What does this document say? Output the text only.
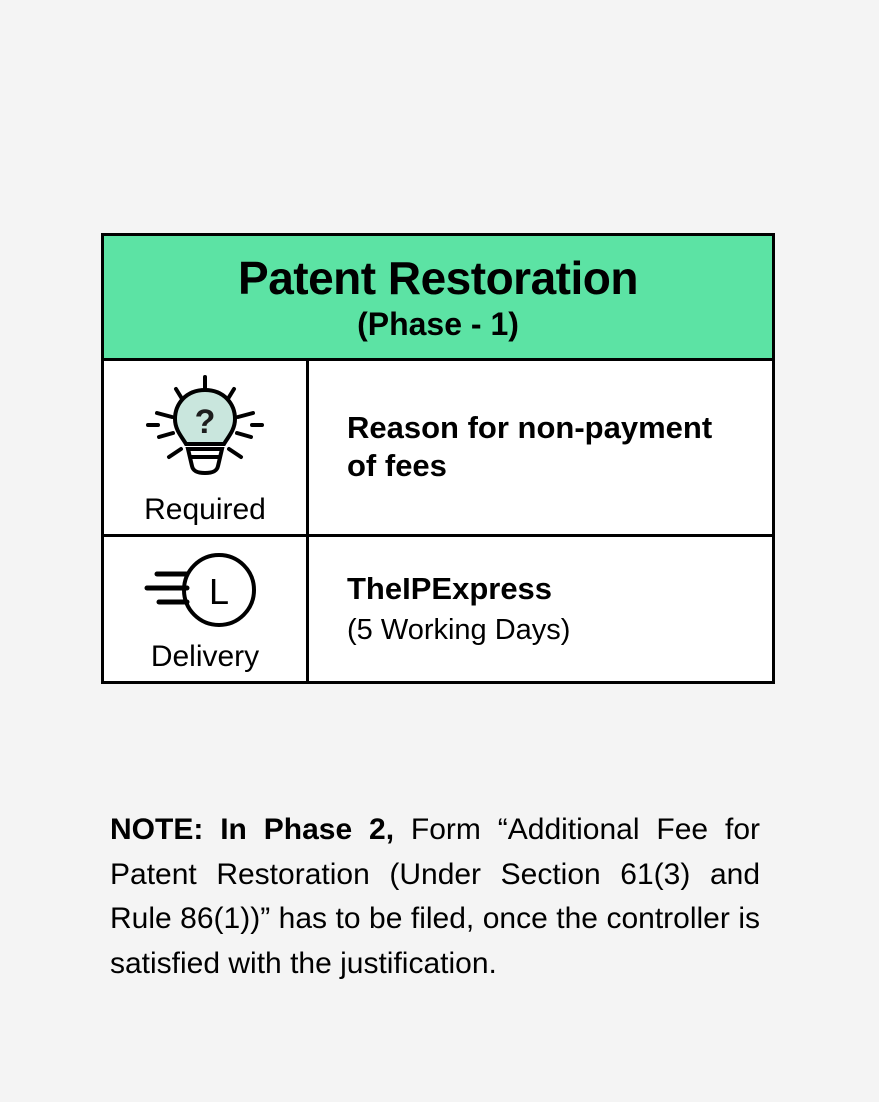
Patent Restoration
(Phase - 1)
?
Required
Reason for non-payment of fees
L
Delivery
TheIPExpress
(5 Working Days)
NOTE: In Phase 2, Form “Additional Fee for Patent Restoration (Under Section 61(3) and Rule 86(1))” has to be filed, once the controller is satisfied with the justification.
